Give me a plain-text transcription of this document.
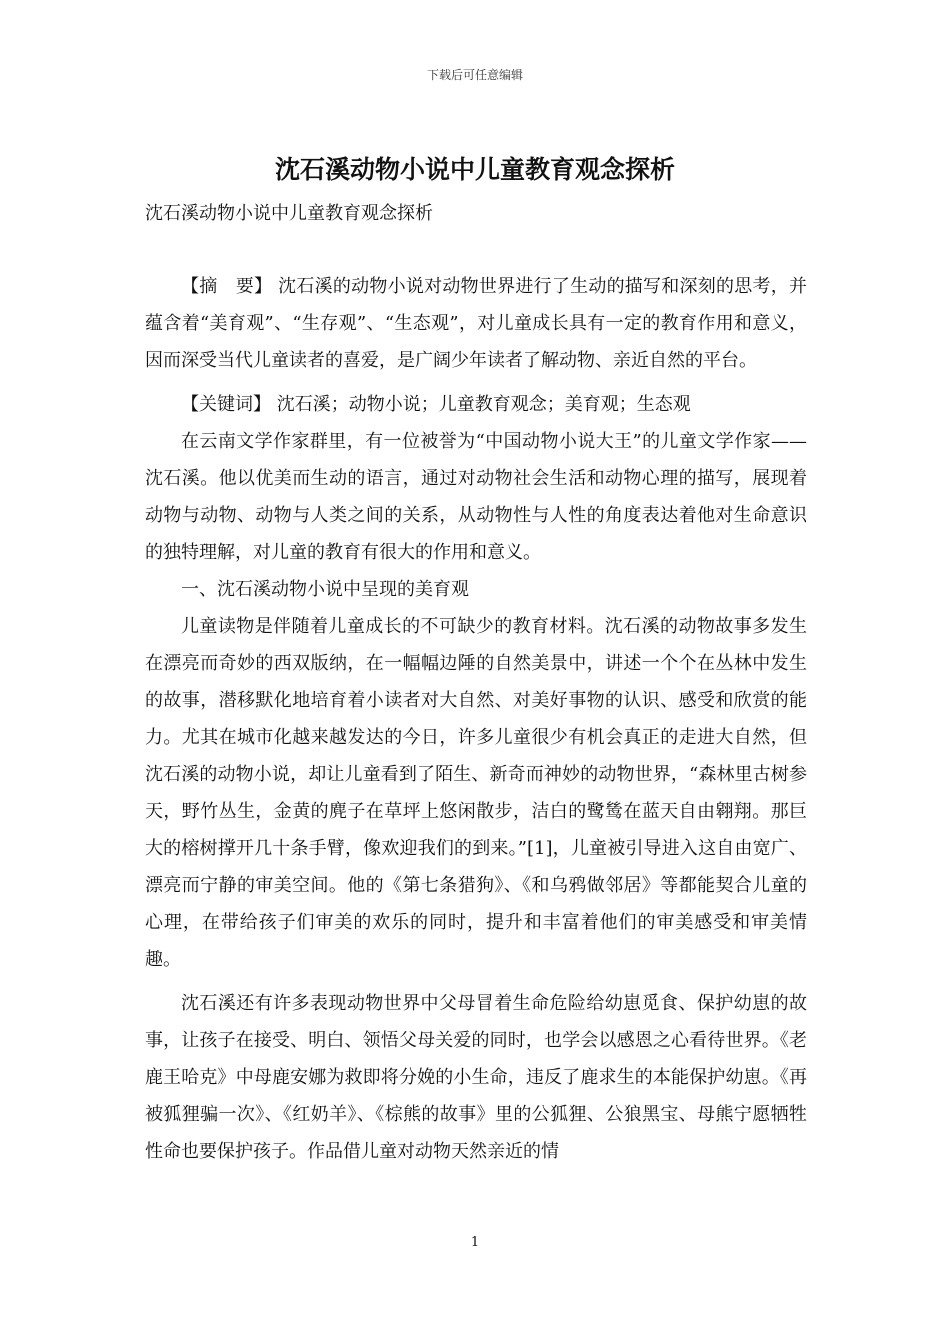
下载后可任意编辑
沈石溪动物小说中儿童教育观念探析

沈石溪动物小说中儿童教育观念探析

【摘　要】 沈石溪的动物小说对动物世界进行了生动的描写和深刻的思考，并蕴含着“美育观”、“生存观”、“生态观”，对儿童成长具有一定的教育作用和意义，因而深受当代儿童读者的喜爱，是广阔少年读者了解动物、亲近自然的平台。

【关键词】 沈石溪；动物小说；儿童教育观念；美育观；生态观

在云南文学作家群里，有一位被誉为“中国动物小说大王”的儿童文学作家——沈石溪。他以优美而生动的语言，通过对动物社会生活和动物心理的描写，展现着动物与动物、动物与人类之间的关系，从动物性与人性的角度表达着他对生命意识的独特理解，对儿童的教育有很大的作用和意义。

一、沈石溪动物小说中呈现的美育观

儿童读物是伴随着儿童成长的不可缺少的教育材料。沈石溪的动物故事多发生在漂亮而奇妙的西双版纳，在一幅幅边陲的自然美景中，讲述一个个在丛林中发生的故事，潜移默化地培育着小读者对大自然、对美好事物的认识、感受和欣赏的能力。尤其在城市化越来越发达的今日，许多儿童很少有机会真正的走进大自然，但沈石溪的动物小说，却让儿童看到了陌生、新奇而神妙的动物世界，“森林里古树参天，野竹丛生，金黄的麂子在草坪上悠闲散步，洁白的鹭鸶在蓝天自由翱翔。那巨大的榕树撑开几十条手臂，像欢迎我们的到来。”[1]，儿童被引导进入这自由宽广、漂亮而宁静的审美空间。他的《第七条猎狗》、《和乌鸦做邻居》等都能契合儿童的心理，在带给孩子们审美的欢乐的同时，提升和丰富着他们的审美感受和审美情趣。

沈石溪还有许多表现动物世界中父母冒着生命危险给幼崽觅食、保护幼崽的故事，让孩子在接受、明白、领悟父母关爱的同时，也学会以感恩之心看待世界。《老鹿王哈克》中母鹿安娜为救即将分娩的小生命，违反了鹿求生的本能保护幼崽。《再被狐狸骗一次》、《红奶羊》、《棕熊的故事》里的公狐狸、公狼黑宝、母熊宁愿牺牲性命也要保护孩子。作品借儿童对动物天然亲近的情

1
